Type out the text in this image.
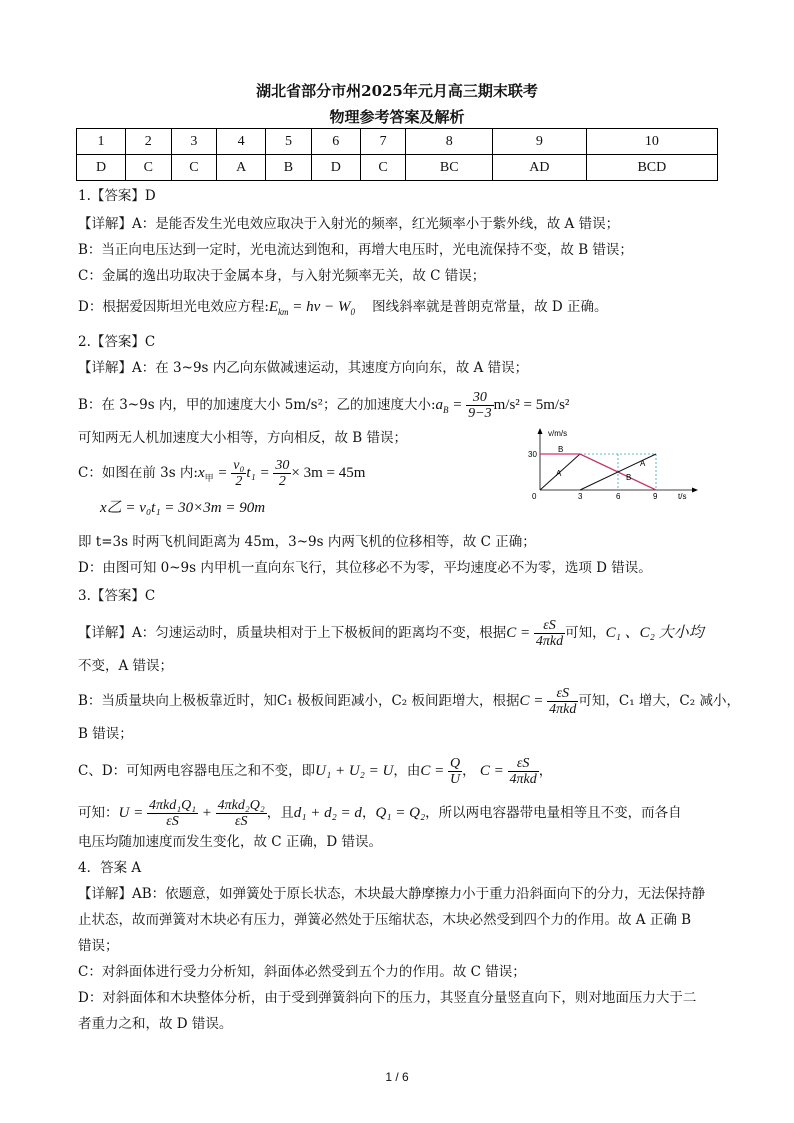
湖北省部分市州2025年元月高三期末联考
物理参考答案及解析
1	2	3	4	5	6	7	8	9	10
D	C	C	A	B	D	C	BC	AD	BCD
1.【答案】D
【详解】A：是能否发生光电效应取决于入射光的频率，红光频率小于紫外线，故 A 错误；
B：当正向电压达到一定时，光电流达到饱和，再增大电压时，光电流保持不变，故 B 错误；
C：金属的逸出功取决于金属本身，与入射光频率无关，故 C 错误；
D：根据爱因斯坦光电效应方程$:E_{km} = h\nu - W_0$ 图线斜率就是普朗克常量，故 D 正确。
2.【答案】C
【详解】A：在 3~9s 内乙向东做减速运动，其速度方向向东，故 A 错误；
B：在 3~9s 内，甲的加速度大小 5m/s²；乙的加速度大小$:a_B = \frac{30}{9-3} m/s^2 = 5m/s^2$
可知两无人机加速度大小相等，方向相反，故 B 错误；
C：如图在前 3s 内$:x_甲 = \frac{\text{v₀}}{2} t_1 = \frac{30}{2} \times 3m = 45m$
x乙 = v₀t₁ = 30×3m = 90m
即 t=3s 时两飞机间距离为 45m，3~9s 内两飞机的位移相等，故 C 正确；
D：由图可知 0~9s 内甲机一直向东飞行，其位移必不为零，平均速度必不为零，选项 D 错误。
v/m/s
t/s
30
0	3	6	9
B
A
A
B
3.【答案】C
【详解】A：匀速运动时，质量块相对于上下极板间的距离均不变，根据$C = \frac{\varepsilon S}{\text{4πkd}}$ 可知，C₁ 、C₂ 大小均
不变，A 错误；
B：当质量块向上极板靠近时，知C₁ 极板间距减小，C₂ 板间距增大，根据$C = \frac{\varepsilon S}{\text{4πkd}}$ 可知，C₁ 增大，C₂ 减小，
B 错误；
C、D：可知两电容器电压之和不变，即U₁ + U₂ = U，由$C = \frac{Q}{U}$ ， $C = \frac{\varepsilon S}{\text{4πkd}}$ ，
可知：$U = \frac{\text{4πkd₁Q₁}}{\varepsilon S} + \frac{\text{4πkd₂Q₂}}{\varepsilon S}$ ，且d₁ + d₂ = d，Q₁ = Q₂，所以两电容器带电量相等且不变，而各自
电压均随加速度而发生变化，故 C 正确，D 错误。
4．答案 A
【详解】AB：依题意，如弹簧处于原长状态，木块最大静摩擦力小于重力沿斜面向下的分力，无法保持静
止状态，故而弹簧对木块必有压力，弹簧必然处于压缩状态，木块必然受到四个力的作用。故 A 正确 B
错误；
C：对斜面体进行受力分析知，斜面体必然受到五个力的作用。故 C 错误；
D：对斜面体和木块整体分析，由于受到弹簧斜向下的压力，其竖直分量竖直向下，则对地面压力大于二
者重力之和，故 D 错误。
1 / 6
